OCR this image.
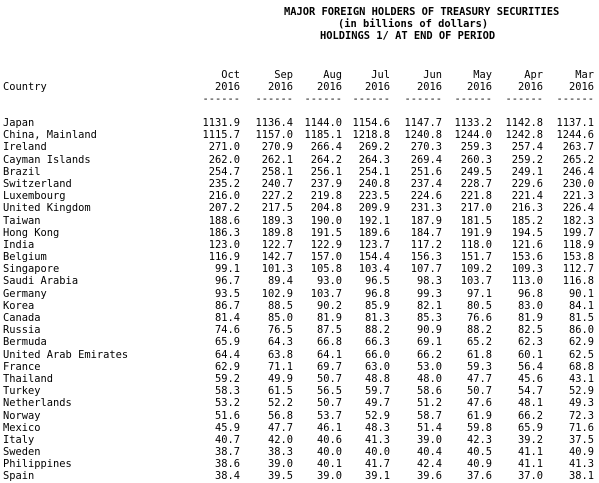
MAJOR FOREIGN HOLDERS OF TREASURY SECURITIES
(in billions of dollars)
HOLDINGS 1/ AT END OF PERIOD
Oct	Sep	Aug	Jul	Jun	May	Apr	Mar
2016	2016	2016	2016	2016	2016	2016	2016
------	------	------	------	------	------	------	------
Country
Japan	1131.9	1136.4	1144.0	1154.6	1147.7	1133.2	1142.8	1137.1
China, Mainland	1115.7	1157.0	1185.1	1218.8	1240.8	1244.0	1242.8	1244.6
Ireland	271.0	270.9	266.4	269.2	270.3	259.3	257.4	263.7
Cayman Islands	262.0	262.1	264.2	264.3	269.4	260.3	259.2	265.2
Brazil	254.7	258.1	256.1	254.1	251.6	249.5	249.1	246.4
Switzerland	235.2	240.7	237.9	240.8	237.4	228.7	229.6	230.0
Luxembourg	216.0	227.2	219.8	223.5	224.6	221.8	221.4	221.3
United Kingdom	207.2	217.5	204.8	209.9	231.3	217.0	216.3	226.4
Taiwan	188.6	189.3	190.0	192.1	187.9	181.5	185.2	182.3
Hong Kong	186.3	189.8	191.5	189.6	184.7	191.9	194.5	199.7
India	123.0	122.7	122.9	123.7	117.2	118.0	121.6	118.9
Belgium	116.9	142.7	157.0	154.4	156.3	151.7	153.6	153.8
Singapore	99.1	101.3	105.8	103.4	107.7	109.2	109.3	112.7
Saudi Arabia	96.7	89.4	93.0	96.5	98.3	103.7	113.0	116.8
Germany	93.5	102.9	103.7	96.8	99.3	97.1	96.8	90.1
Korea	86.7	88.5	90.2	85.9	82.1	80.5	83.0	84.1
Canada	81.4	85.0	81.9	81.3	85.3	76.6	81.9	81.5
Russia	74.6	76.5	87.5	88.2	90.9	88.2	82.5	86.0
Bermuda	65.9	64.3	66.8	66.3	69.1	65.2	62.3	62.9
United Arab Emirates	64.4	63.8	64.1	66.0	66.2	61.8	60.1	62.5
France	62.9	71.1	69.7	63.0	53.0	59.3	56.4	68.8
Thailand	59.2	49.9	50.7	48.8	48.0	47.7	45.6	43.1
Turkey	58.3	61.5	56.5	59.7	58.6	50.7	54.7	52.9
Netherlands	53.2	52.2	50.7	49.7	51.2	47.6	48.1	49.3
Norway	51.6	56.8	53.7	52.9	58.7	61.9	66.2	72.3
Mexico	45.9	47.7	46.1	48.3	51.4	59.8	65.9	71.6
Italy	40.7	42.0	40.6	41.3	39.0	42.3	39.2	37.5
Sweden	38.7	38.3	40.0	40.0	40.4	40.5	41.1	40.9
Philippines	38.6	39.0	40.1	41.7	42.4	40.9	41.1	41.3
Spain	38.4	39.5	39.0	39.1	39.6	37.6	37.0	38.1
